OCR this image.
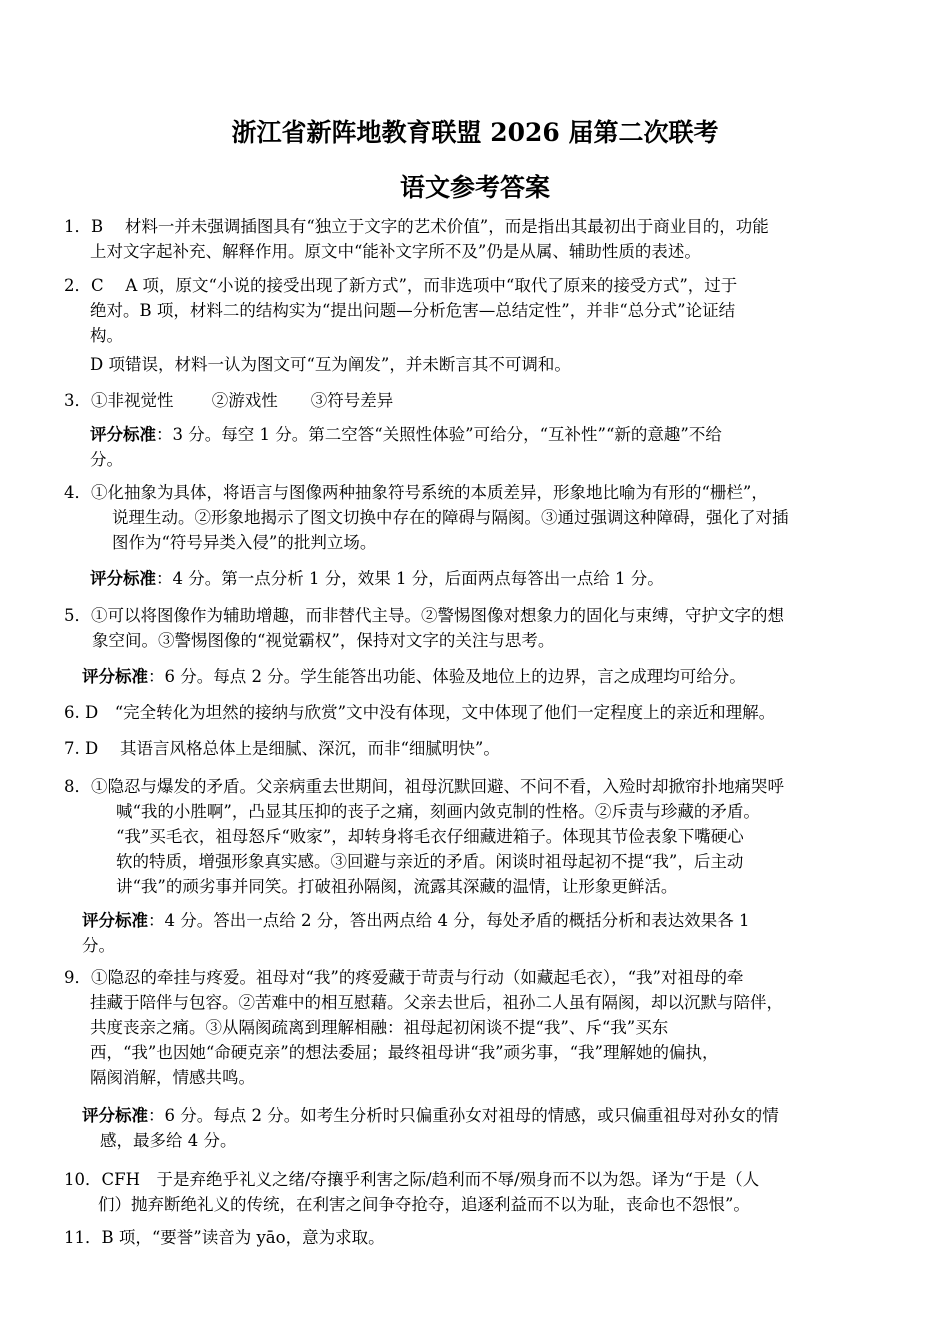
浙江省新阵地教育联盟 2026 届第二次联考
语文参考答案
1．B　 材料一并未强调插图具有“独立于文字的艺术价值”，而是指出其最初出于商业目的，功能
上对文字起补充、解释作用。原文中“能补文字所不及”仍是从属、辅助性质的表述。
2．C　 A 项，原文“小说的接受出现了新方式”，而非选项中“取代了原来的接受方式”，过于
绝对。B 项，材料二的结构实为“提出问题—分析危害—总结定性”，并非“总分式”论证结
构。
D 项错误，材料一认为图文可“互为阐发”，并未断言其不可调和。
3．①非视觉性　　 ②游戏性　　③符号差异
评分标准：3 分。每空 1 分。第二空答“关照性体验”可给分，“互补性”“新的意趣”不给
分。
4．①化抽象为具体，将语言与图像两种抽象符号系统的本质差异，形象地比喻为有形的“栅栏”，
说理生动。②形象地揭示了图文切换中存在的障碍与隔阂。③通过强调这种障碍，强化了对插
图作为“符号异类入侵”的批判立场。
评分标准：4 分。第一点分析 1 分，效果 1 分，后面两点每答出一点给 1 分。
5．①可以将图像作为辅助增趣，而非替代主导。②警惕图像对想象力的固化与束缚，守护文字的想
象空间。③警惕图像的“视觉霸权”，保持对文字的关注与思考。
评分标准：6 分。每点 2 分。学生能答出功能、体验及地位上的边界，言之成理均可给分。
6. D　“完全转化为坦然的接纳与欣赏”文中没有体现，文中体现了他们一定程度上的亲近和理解。
7. D　 其语言风格总体上是细腻、深沉，而非“细腻明快”。
8．①隐忍与爆发的矛盾。父亲病重去世期间，祖母沉默回避、不问不看，入殓时却掀帘扑地痛哭呼
喊“我的小胜啊”，凸显其压抑的丧子之痛，刻画内敛克制的性格。②斥责与珍藏的矛盾。
“我”买毛衣，祖母怒斥“败家”，却转身将毛衣仔细藏进箱子。体现其节俭表象下嘴硬心
软的特质，增强形象真实感。③回避与亲近的矛盾。闲谈时祖母起初不提“我”，后主动
讲“我”的顽劣事并同笑。打破祖孙隔阂，流露其深藏的温情，让形象更鲜活。
评分标准：4 分。答出一点给 2 分，答出两点给 4 分，每处矛盾的概括分析和表达效果各 1
分。
9．①隐忍的牵挂与疼爱。祖母对“我”的疼爱藏于苛责与行动（如藏起毛衣），“我”对祖母的牵
挂藏于陪伴与包容。②苦难中的相互慰藉。父亲去世后，祖孙二人虽有隔阂，却以沉默与陪伴，
共度丧亲之痛。③从隔阂疏离到理解相融：祖母起初闲谈不提“我”、斥“我”买东
西，“我”也因她“命硬克亲”的想法委屈；最终祖母讲“我”顽劣事，“我”理解她的偏执，
隔阂消解，情感共鸣。
评分标准：6 分。每点 2 分。如考生分析时只偏重孙女对祖母的情感，或只偏重祖母对孙女的情
感，最多给 4 分。
10．CFH　于是弃绝乎礼义之绪/夺攘乎利害之际/趋利而不辱/殒身而不以为怨。译为“于是（人
们）抛弃断绝礼义的传统，在利害之间争夺抢夺，追逐利益而不以为耻，丧命也不怨恨”。
11．B 项，“要誉”读音为 yāo，意为求取。
